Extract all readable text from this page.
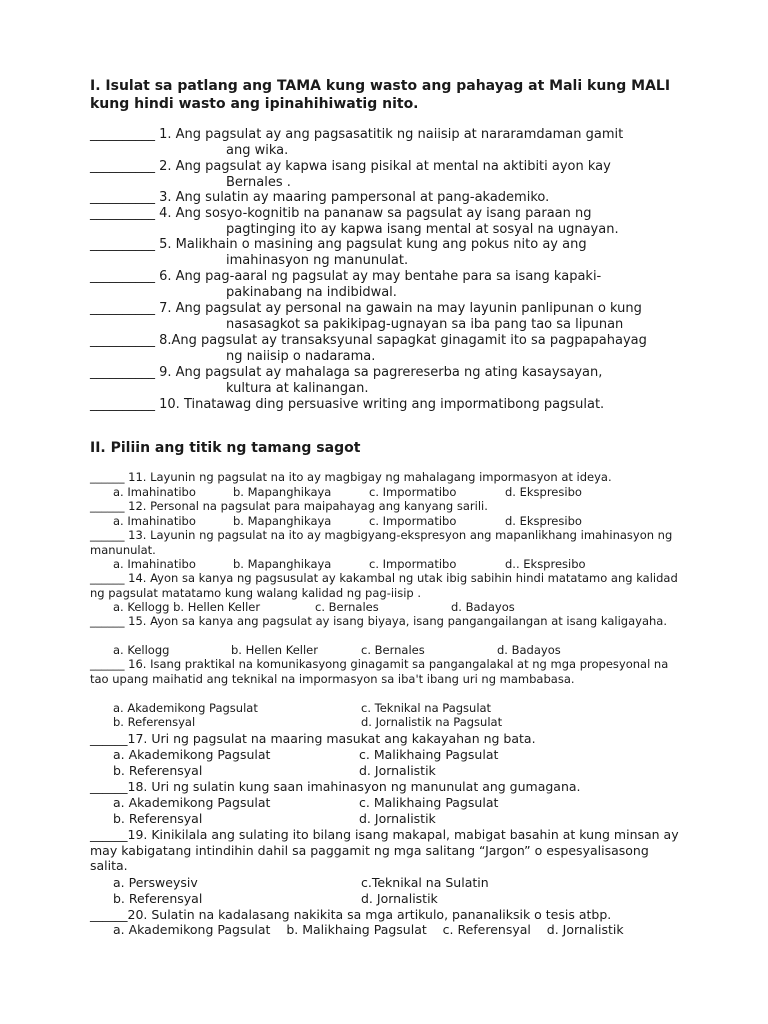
I. Isulat sa patlang ang TAMA kung wasto ang pahayag at Mali kung MALI
kung hindi wasto ang ipinahihiwatig nito.
__________ 1. Ang pagsulat ay ang pagsasatitik ng naiisip at nararamdaman gamit
ang wika.
__________ 2. Ang pagsulat ay kapwa isang pisikal at mental na aktibiti ayon kay
Bernales .
__________ 3. Ang sulatin ay maaring pampersonal at pang-akademiko.
__________ 4. Ang sosyo-kognitib na pananaw sa pagsulat ay isang paraan ng
pagtinging ito ay kapwa isang mental at sosyal na ugnayan.
__________ 5. Malikhain o masining ang pagsulat kung ang pokus nito ay ang
imahinasyon ng manunulat.
__________ 6. Ang pag-aaral ng pagsulat ay may bentahe para sa isang kapaki-
pakinabang na indibidwal.
__________ 7. Ang pagsulat ay personal na gawain na may layunin panlipunan o kung
nasasagkot sa pakikipag-ugnayan sa iba pang tao sa lipunan
__________ 8.Ang pagsulat ay transaksyunal sapagkat ginagamit ito sa pagpapahayag
ng naiisip o nadarama.
__________ 9. Ang pagsulat ay mahalaga sa pagrereserba ng ating kasaysayan,
kultura at kalinangan.
__________ 10. Tinatawag ding persuasive writing ang impormatibong pagsulat.
II. Piliin ang titik ng tamang sagot
______ 11. Layunin ng pagsulat na ito ay magbigay ng mahalagang impormasyon at ideya.
a. Imahinatibo	b. Mapanghikaya	c. Impormatibo	d. Ekspresibo
______ 12. Personal na pagsulat para maipahayag ang kanyang sarili.
a. Imahinatibo	b. Mapanghikaya	c. Impormatibo	d. Ekspresibo
______ 13. Layunin ng pagsulat na ito ay magbigyang-ekspresyon ang mapanlikhang imahinasyon ng manunulat.
a. Imahinatibo	b. Mapanghikaya	c. Impormatibo	d.. Ekspresibo
______ 14. Ayon sa kanya ng pagsusulat ay kakambal ng utak ibig sabihin hindi matatamo ang kalidad ng pagsulat matatamo kung walang kalidad ng pag-iisip .
a. Kellogg b. Hellen Keller	c. Bernales	d. Badayos
______ 15. Ayon sa kanya ang pagsulat ay isang biyaya, isang pangangailangan at isang kaligayaha.
a. Kellogg	b. Hellen Keller	c. Bernales	d. Badayos
______ 16. Isang praktikal na komunikasyong ginagamit sa pangangalakal at ng mga propesyonal na tao upang maihatid ang teknikal na impormasyon sa iba't ibang uri ng mambabasa.
a. Akademikong Pagsulat	c. Teknikal na Pagsulat
b. Referensyal	d. Jornalistik na Pagsulat
______17. Uri ng pagsulat na maaring masukat ang kakayahan ng bata.
a. Akademikong Pagsulat	c. Malikhaing Pagsulat
b. Referensyal	d. Jornalistik
______18. Uri ng sulatin kung saan imahinasyon ng manunulat ang gumagana.
a. Akademikong Pagsulat	c. Malikhaing Pagsulat
b. Referensyal	d. Jornalistik
______19. Kinikilala ang sulating ito bilang isang makapal, mabigat basahin at kung minsan ay may kabigatang intindihin dahil sa paggamit ng mga salitang “Jargon” o espesyalisasong salita.
a. Persweysiv	c.Teknikal na Sulatin
b. Referensyal	d. Jornalistik
______20. Sulatin na kadalasang nakikita sa mga artikulo, pananaliksik o tesis atbp.
a. Akademikong Pagsulat    b. Malikhaing Pagsulat    c. Referensyal    d. Jornalistik
